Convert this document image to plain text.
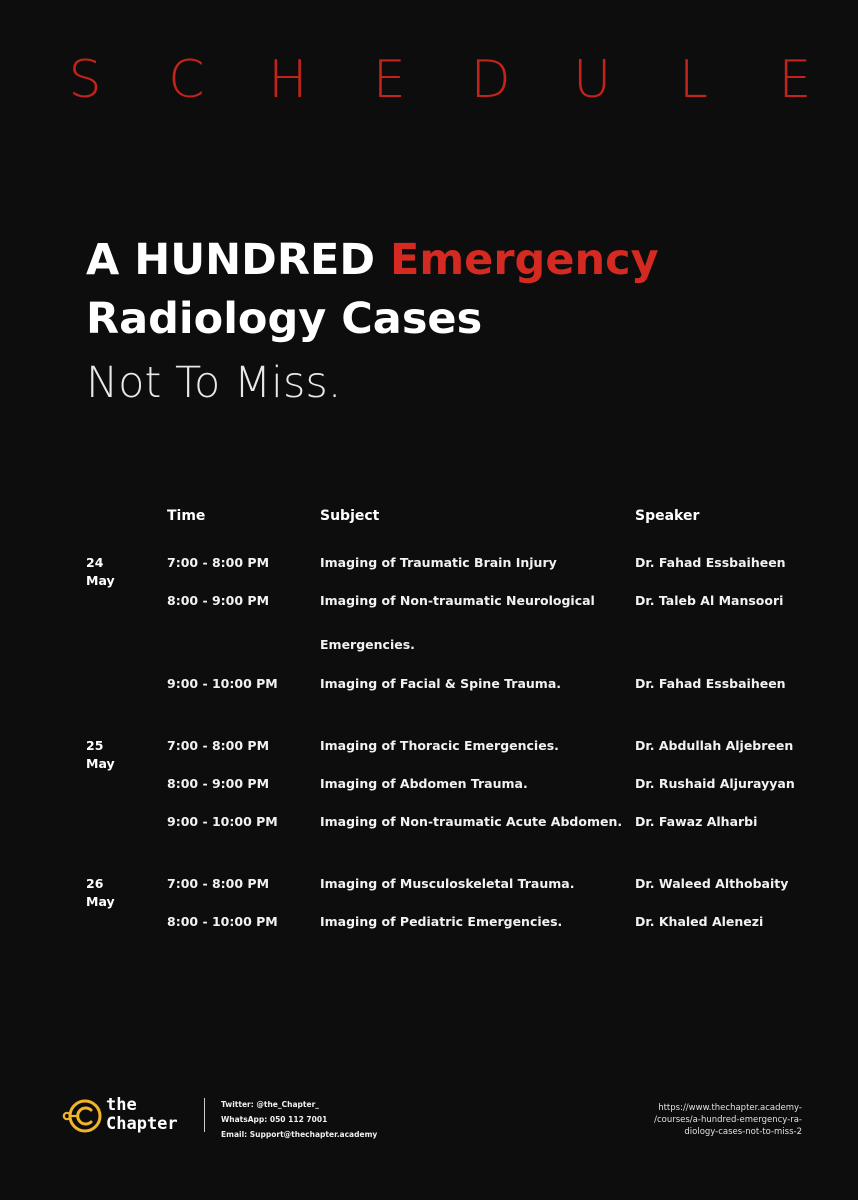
S C H E D U L E
A HUNDRED Emergency
Radiology Cases
Not To Miss.
Time	Subject	Speaker
24
May
7:00 - 8:00 PM	Imaging of Traumatic Brain Injury	Dr. Fahad Essbaiheen
8:00 - 9:00 PM	Imaging of Non-traumatic Neurological	Dr. Taleb Al Mansoori
Emergencies.
9:00 - 10:00 PM	Imaging of Facial & Spine Trauma.	Dr. Fahad Essbaiheen
25
May
7:00 - 8:00 PM	Imaging of Thoracic Emergencies.	Dr. Abdullah Aljebreen
8:00 - 9:00 PM	Imaging of Abdomen Trauma.	Dr. Rushaid Aljurayyan
9:00 - 10:00 PM	Imaging of Non-traumatic Acute Abdomen. Dr. Fawaz Alharbi
26
May
7:00 - 8:00 PM	Imaging of Musculoskeletal Trauma.	Dr. Waleed Althobaity
8:00 - 10:00 PM	Imaging of Pediatric Emergencies.	Dr. Khaled Alenezi
the
Chapter
Twitter: @the_Chapter_
WhatsApp: 050 112 7001
Email: Support@thechapter.academy
https://www.thechapter.academy-
/courses/a-hundred-emergency-ra-
diology-cases-not-to-miss-2
